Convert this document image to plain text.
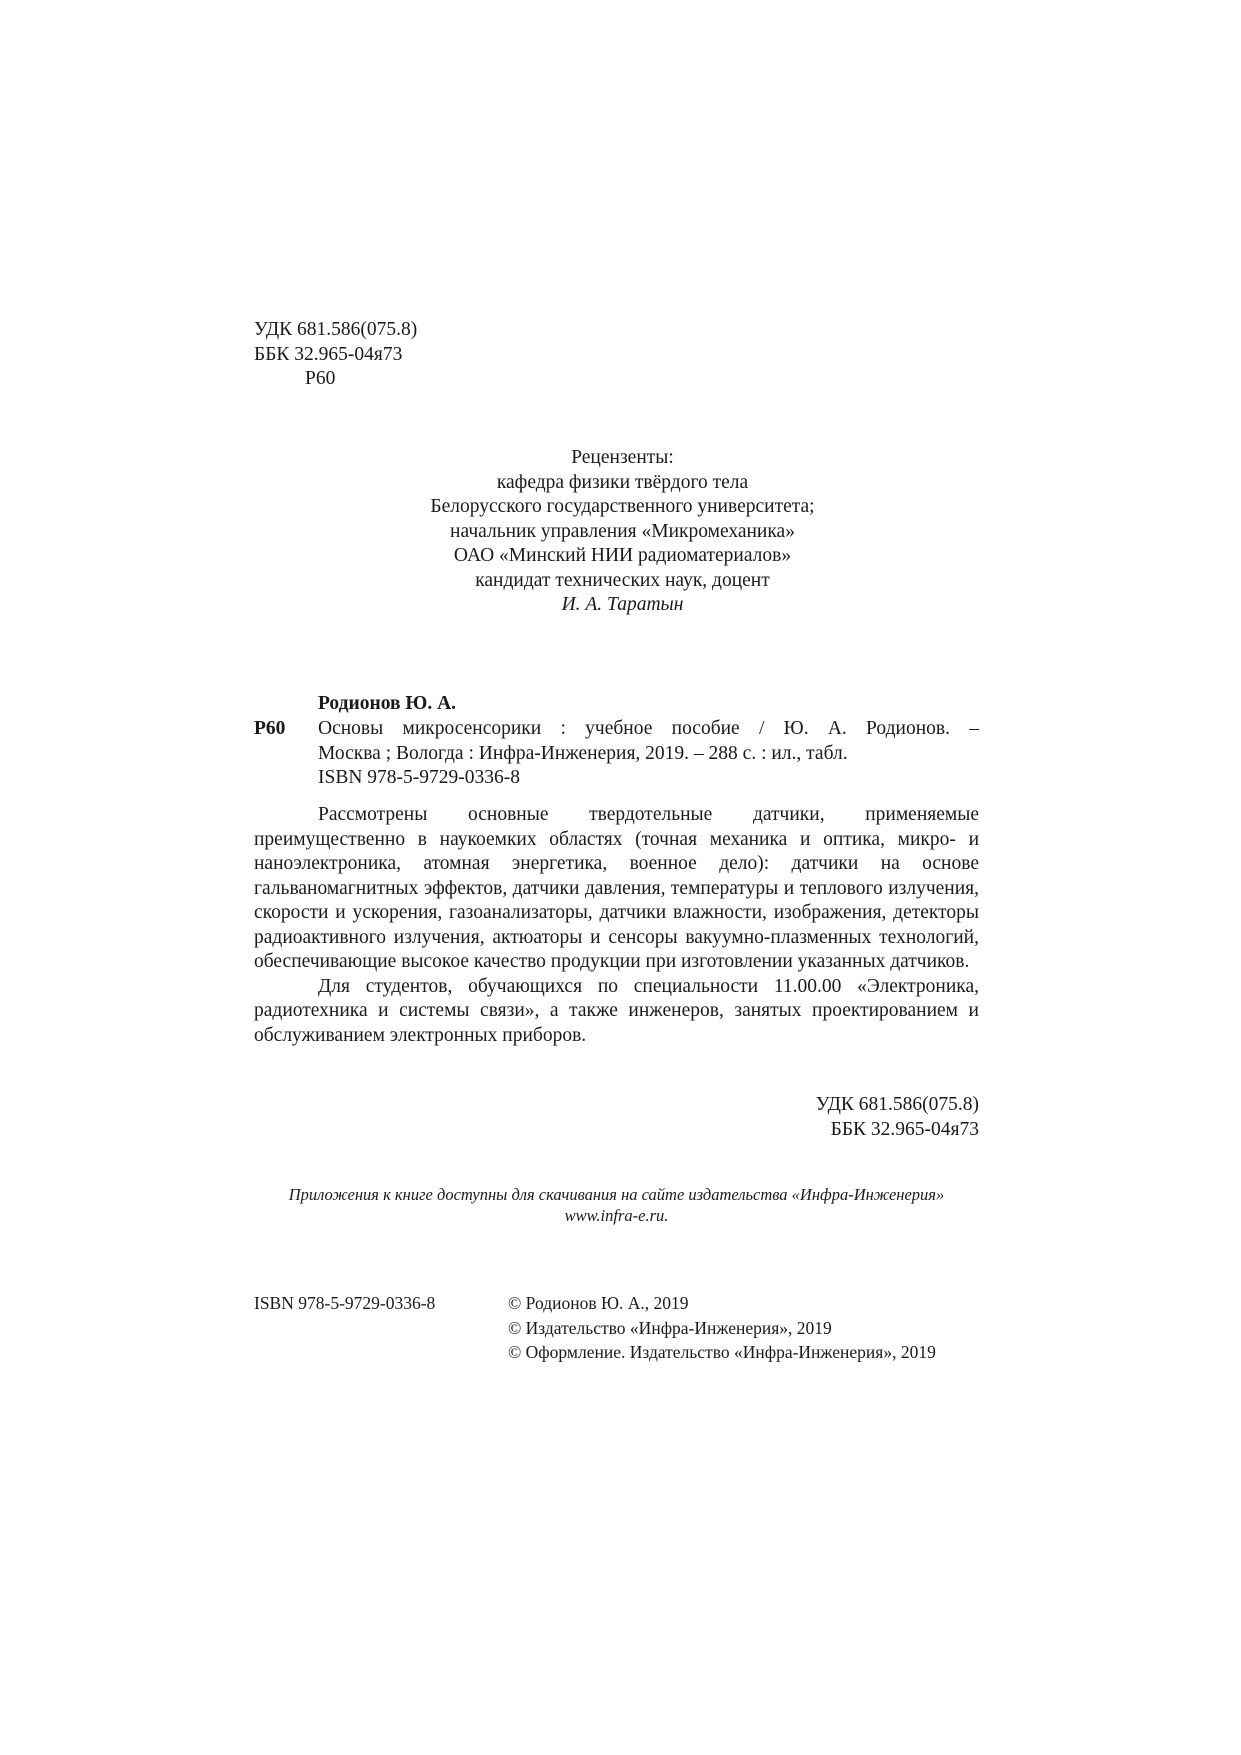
УДК 681.586(075.8)
ББК 32.965-04я73
Р60
Рецензенты:
кафедра физики твёрдого тела
Белорусского государственного университета;
начальник управления «Микромеханика»
ОАО «Минский НИИ радиоматериалов»
кандидат технических наук, доцент
И. А. Таратын
Родионов Ю. А.
Р60 Основы микросенсорики : учебное пособие / Ю. А. Родионов. –
Москва ; Вологда : Инфра-Инженерия, 2019. – 288 с. : ил., табл.
ISBN 978-5-9729-0336-8

Рассмотрены основные твердотельные датчики, применяемые преимущественно в наукоемких областях (точная механика и оптика, микро- и наноэлектроника, атомная энергетика, военное дело): датчики на основе гальваномагнитных эффектов, датчики давления, температуры и теплового излучения, скорости и ускорения, газоанализаторы, датчики влажности, изображения, детекторы радиоактивного излучения, актюаторы и сенсоры вакуумно-плазменных технологий, обеспечивающие высокое качество продукции при изготовлении указанных датчиков.

Для студентов, обучающихся по специальности 11.00.00 «Электроника, радиотехника и системы связи», а также инженеров, занятых проектированием и обслуживанием электронных приборов.

УДК 681.586(075.8)
ББК 32.965-04я73
Приложения к книге доступны для скачивания на сайте издательства «Инфра-Инженерия»
www.infra-e.ru.
ISBN 978-5-9729-0336-8	© Родионов Ю. А., 2019
© Издательство «Инфра-Инженерия», 2019
© Оформление. Издательство «Инфра-Инженерия», 2019
